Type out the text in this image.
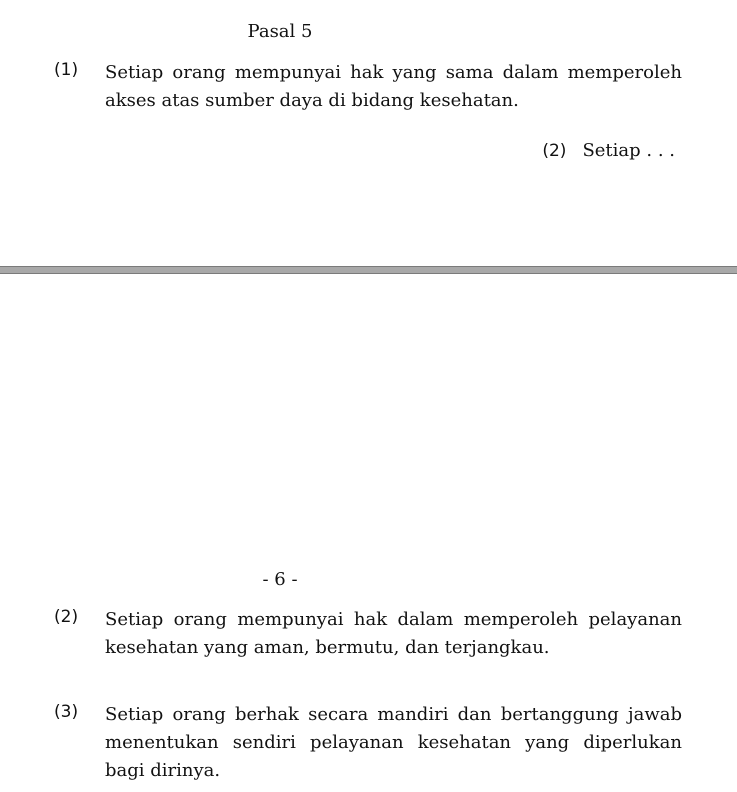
Pasal 5
(1) Setiap orang mempunyai hak yang sama dalam memperoleh akses atas sumber daya di bidang kesehatan.
(2) Setiap . . .
- 6 -
(2) Setiap orang mempunyai hak dalam memperoleh pelayanan kesehatan yang aman, bermutu, dan terjangkau.
(3) Setiap orang berhak secara mandiri dan bertanggung jawab menentukan sendiri pelayanan kesehatan yang diperlukan bagi dirinya.
